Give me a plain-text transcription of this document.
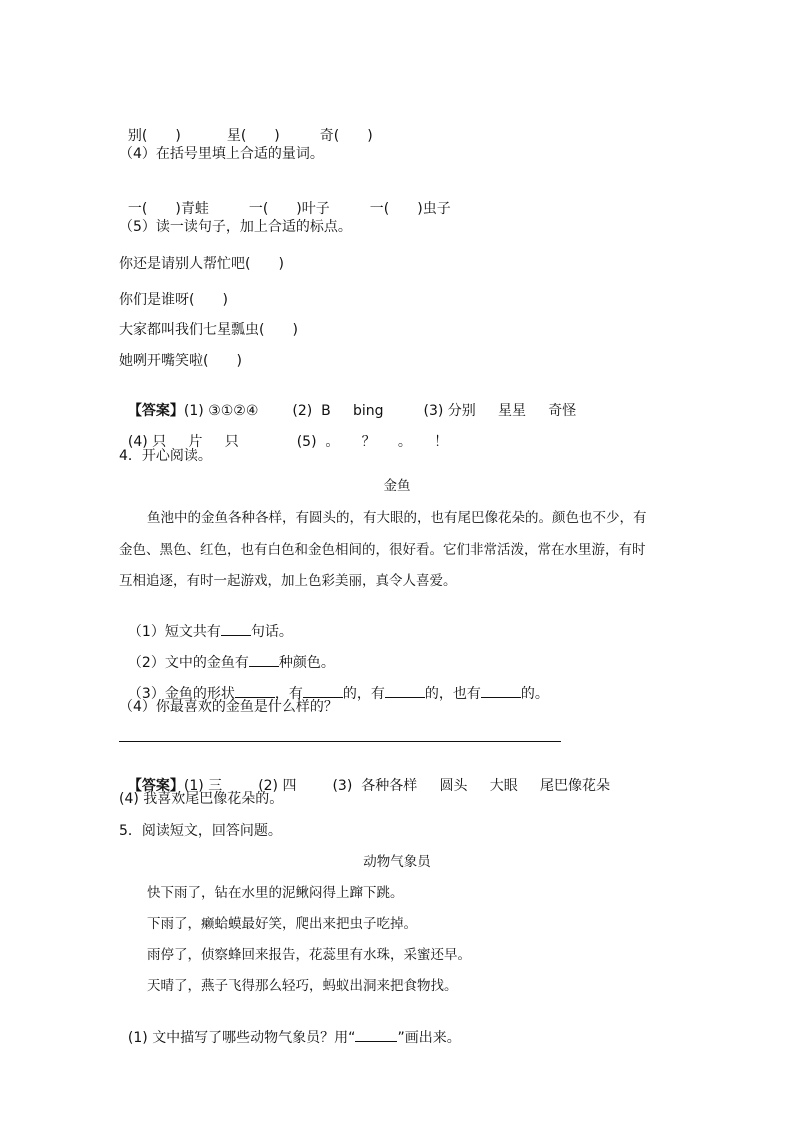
别(　　)	星(　　)	奇(　　)

（4）在括号里填上合适的量词。

一(　　)青蛙	一(　　)叶子	一(　　)虫子

（5）读一读句子，加上合适的标点。
你还是请别人帮忙吧(　　)
你们是谁呀(　　)
大家都叫我们七星瓢虫(　　)
她咧开嘴笑啦(　　)

【答案】(1) ③①②④ (2)  B     bing	(3) 分别     星星     奇怪

(4) 只     片     只	(5)  。     ？     。     ！

4．开心阅读。
金鱼
鱼池中的金鱼各种各样，有圆头的，有大眼的，也有尾巴像花朵的。颜色也不少，有
金色、黑色、红色，也有白色和金色相间的，很好看。它们非常活泼，常在水里游，有时
互相追逐，有时一起游戏，加上色彩美丽，真令人喜爱。

（1）短文共有 句话。

（2）文中的金鱼有 种颜色。

（3）金鱼的形状	，有	的，有	的，也有	的。

（4）你最喜欢的金鱼是什么样的？

【答案】(1) 三	(2) 四	(3)  各种各样     圆头     大眼     尾巴像花朵

(4) 我喜欢尾巴像花朵的。
5．阅读短文，回答问题。
动物气象员
快下雨了，钻在水里的泥鳅闷得上蹿下跳。
下雨了，癞蛤蟆最好笑，爬出来把虫子吃掉。
雨停了，侦察蜂回来报告，花蕊里有水珠，采蜜还早。
天晴了，燕子飞得那么轻巧，蚂蚁出洞来把食物找。

(1) 文中描写了哪些动物气象员？用“	”画出来。
